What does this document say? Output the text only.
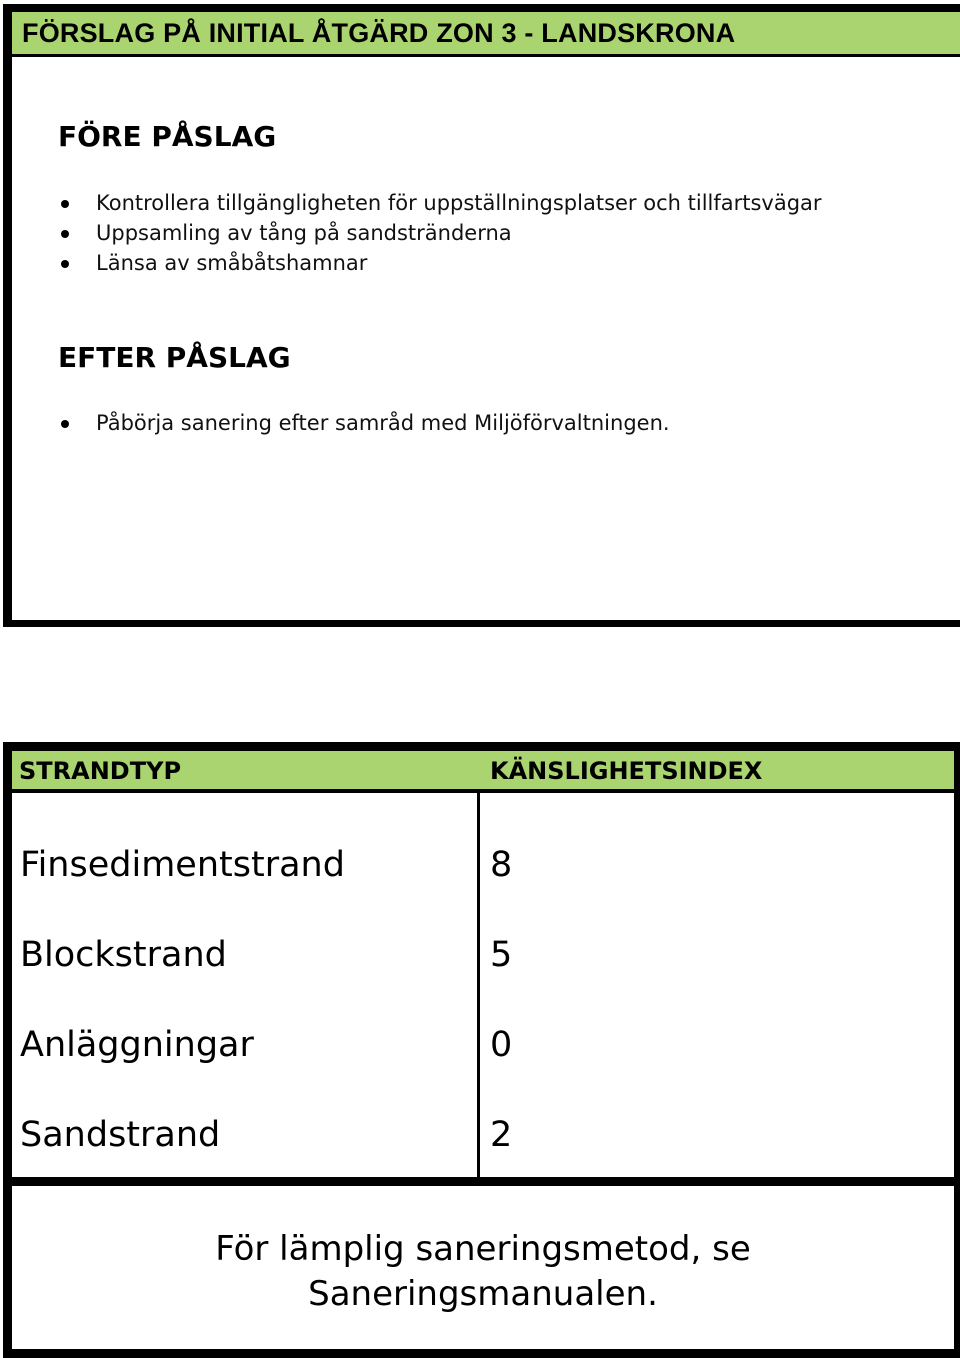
FÖRSLAG PÅ INITIAL ÅTGÄRD ZON 3 - LANDSKRONA
FÖRE PÅSLAG
Kontrollera tillgängligheten för uppställningsplatser och tillfartsvägar
Uppsamling av tång på sandstränderna
Länsa av småbåtshamnar
EFTER PÅSLAG
Påbörja sanering efter samråd med Miljöförvaltningen.
STRANDTYP	KÄNSLIGHETSINDEX
Finsedimentstrand	8
Blockstrand	5
Anläggningar	0
Sandstrand	2
För lämplig saneringsmetod, se
Saneringsmanualen.
